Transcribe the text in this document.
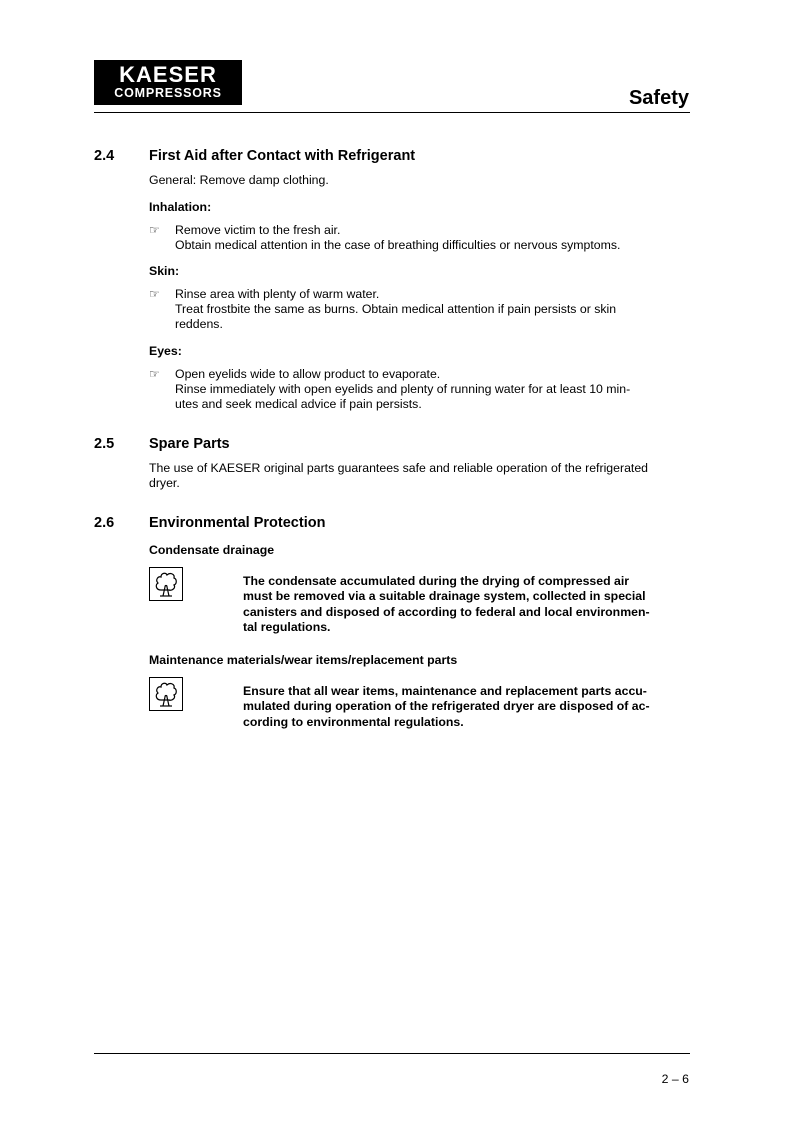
KAESER
COMPRESSORS	Safety
2.4 First Aid after Contact with Refrigerant
General: Remove damp clothing.
Inhalation:
☞ Remove victim to the fresh air.
Obtain medical attention in the case of breathing difficulties or nervous symptoms.
Skin:
☞ Rinse area with plenty of warm water.
Treat frostbite the same as burns. Obtain medical attention if pain persists or skin
reddens.
Eyes:
☞ Open eyelids wide to allow product to evaporate.
Rinse immediately with open eyelids and plenty of running water for at least 10 min-
utes and seek medical advice if pain persists.
2.5 Spare Parts
The use of KAESER original parts guarantees safe and reliable operation of the refrigerated
dryer.
2.6 Environmental Protection
Condensate drainage
The condensate accumulated during the drying of compressed air
must be removed via a suitable drainage system, collected in special
canisters and disposed of according to federal and local environmen-
tal regulations.
Maintenance materials/wear items/replacement parts
Ensure that all wear items, maintenance and replacement parts accu-
mulated during operation of the refrigerated dryer are disposed of ac-
cording to environmental regulations.
2 – 6
